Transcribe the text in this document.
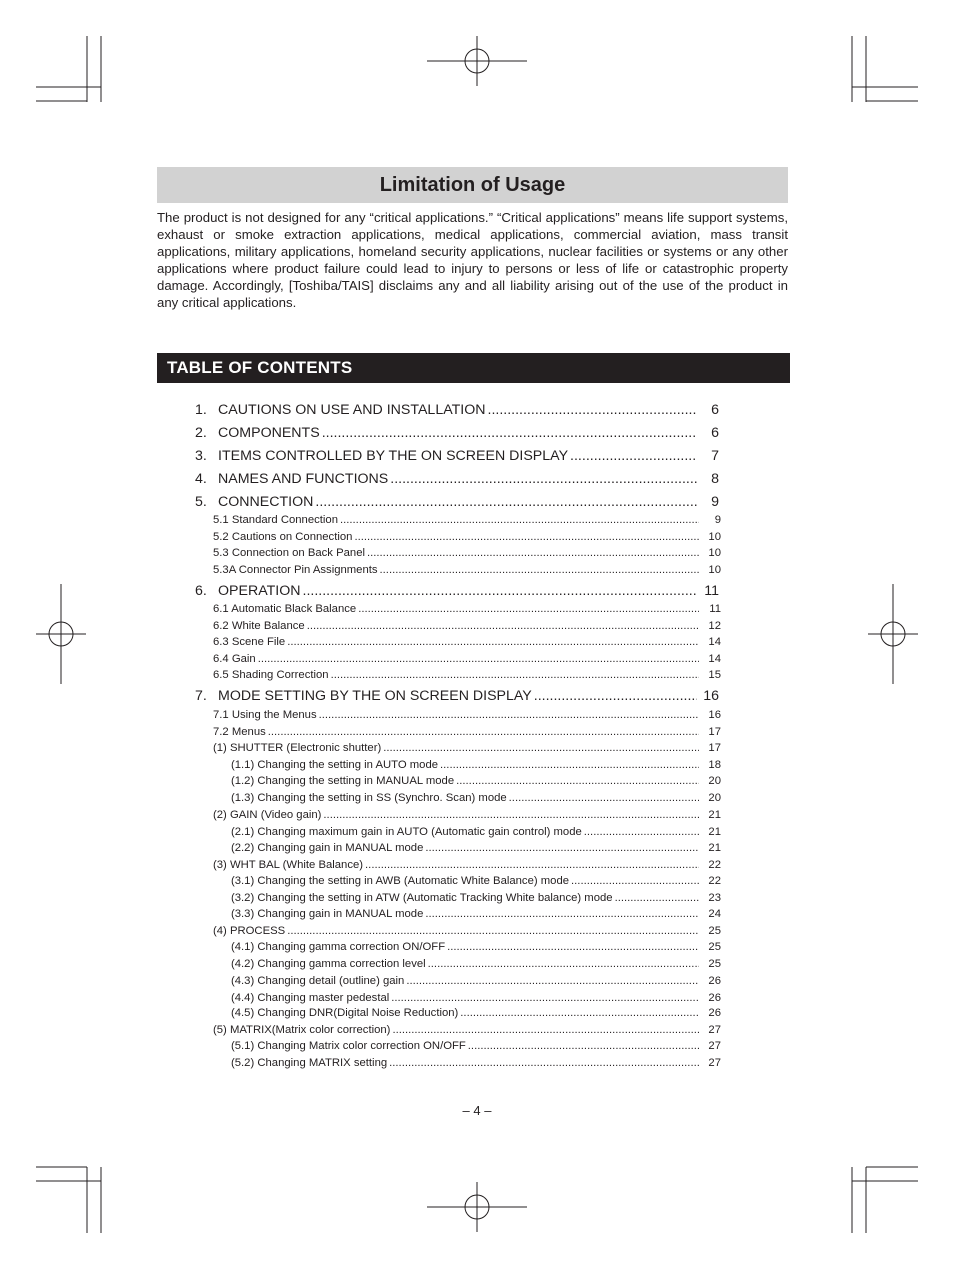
Limitation of Usage
The product is not designed for any “critical applications.” “Critical applications” means life support systems, exhaust or smoke extraction applications, medical applications, commercial aviation, mass transit applications, military applications, homeland security applications, nuclear facilities or systems or any other applications where product failure could lead to injury to persons or less of life or catastrophic property damage. Accordingly, [Toshiba/TAIS] disclaims any and all liability arising out of the use of the product in any critical applications.
TABLE OF CONTENTS
1. CAUTIONS ON USE AND INSTALLATION .....	6
2. COMPONENTS .....	6
3. ITEMS CONTROLLED BY THE ON SCREEN DISPLAY .....	7
4. NAMES AND FUNCTIONS .....	8
5. CONNECTION .....	9
5.1 Standard Connection .....	9
5.2 Cautions on Connection .....	10
5.3 Connection on Back Panel .....	10
5.3A Connector Pin Assignments .....	10
6. OPERATION .....	11
6.1 Automatic Black Balance .....	11
6.2 White Balance .....	12
6.3 Scene File .....	14
6.4 Gain .....	14
6.5 Shading Correction .....	15
7. MODE SETTING BY THE ON SCREEN DISPLAY .....	16
7.1 Using the Menus .....	16
7.2 Menus .....	17
(1) SHUTTER (Electronic shutter) .....	17
(1.1) Changing the setting in AUTO mode .....	18
(1.2) Changing the setting in MANUAL mode .....	20
(1.3) Changing the setting in SS (Synchro. Scan) mode .....	20
(2) GAIN (Video gain) .....	21
(2.1) Changing maximum gain in AUTO (Automatic gain control) mode .....	21
(2.2) Changing gain in MANUAL mode .....	21
(3) WHT BAL (White Balance) .....	22
(3.1) Changing the setting in AWB (Automatic White Balance) mode .....	22
(3.2) Changing the setting in ATW (Automatic Tracking White balance) mode .....	23
(3.3) Changing gain in MANUAL mode .....	24
(4) PROCESS .....	25
(4.1) Changing gamma correction ON/OFF .....	25
(4.2) Changing gamma correction level .....	25
(4.3) Changing detail (outline) gain .....	26
(4.4) Changing master pedestal .....	26
(4.5) Changing DNR(Digital Noise Reduction) .....	26
(5) MATRIX(Matrix color correction) .....	27
(5.1) Changing Matrix color correction ON/OFF .....	27
(5.2) Changing MATRIX setting .....	27
– 4 –
